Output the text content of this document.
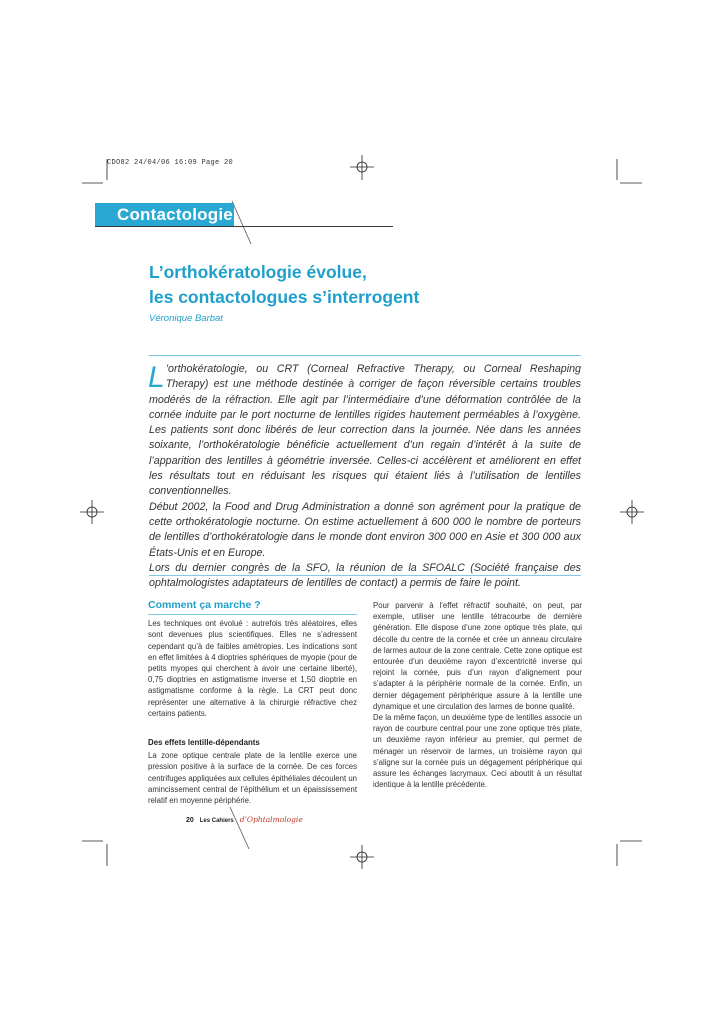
CDO82 24/04/06 16:09 Page 20
Contactologie
L’orthokératologie évolue,
les contactologues s’interrogent
Véronique Barbat

L ’orthokératologie, ou CRT (Corneal Refractive Therapy, ou Corneal Reshaping Therapy) est une méthode destinée à corriger de façon réversible certains troubles modérés de la réfraction. Elle agit par l’intermédiaire d’une déformation contrôlée de la cornée induite par le port nocturne de lentilles rigides hautement perméables à l’oxygène. Les patients sont donc libérés de leur correction dans la journée. Née dans les années soixante, l’orthokératologie bénéficie actuellement d’un regain d’intérêt à la suite de l’apparition des lentilles à géométrie inversée. Celles-ci accélèrent et améliorent en effet les résultats tout en réduisant les risques qui étaient liés à l’utilisation de lentilles conventionnelles.

Début 2002, la Food and Drug Administration a donné son agrément pour la pratique de cette orthokératologie nocturne. On estime actuellement à 600 000 le nombre de porteurs de lentilles d’orthokératologie dans le monde dont environ 300 000 en Asie et 300 000 aux États-Unis et en Europe.

Lors du dernier congrès de la SFO, la réunion de la SFOALC (Société française des ophtalmologistes adaptateurs de lentilles de contact) a permis de faire le point.

Comment ça marche ?

Les techniques ont évolué : autrefois très aléatoires, elles sont devenues plus scientifiques. Elles ne s’adressent cependant qu’à de faibles amétropies. Les indications sont en effet limitées à 4 dioptries sphériques de myopie (pour de petits myopes qui cherchent à avoir une certaine liberté), 0,75 dioptries en astigmatisme inverse et 1,50 dioptrie en astigmatisme conforme à la règle. La CRT peut donc représenter une alternative à la chirurgie réfractive chez certains patients.

Des effets lentille-dépendants

La zone optique centrale plate de la lentille exerce une pression positive à la surface de la cornée. De ces forces centrifuges appliquées aux cellules épithéliales découlent un amincissement central de l’épithélium et un épaississement relatif en moyenne périphérie.

Pour parvenir à l’effet réfractif souhaité, on peut, par exemple, utiliser une lentille tétracourbe de dernière génération. Elle dispose d’une zone optique très plate, qui décolle du centre de la cornée et crée un anneau circulaire de larmes autour de la zone centrale. Cette zone optique est entourée d’un deuxième rayon d’excentricité inverse qui rejoint la cornée, puis d’un rayon d’alignement pour s’adapter à la périphérie normale de la cornée. Enfin, un dernier dégagement périphérique assure à la lentille une dynamique et une circulation des larmes de bonne qualité.

De la même façon, un deuxième type de lentilles associe un rayon de courbure central pour une zone optique très plate, un deuxième rayon inférieur au premier, qui permet de ménager un réservoir de larmes, un troisième rayon qui s’aligne sur la cornée puis un dégagement périphérique qui assure les échanges lacrymaux. Ceci aboutit à un résultat identique à la lentille précédente.

20 Les Cahiers d’Ophtalmologie
